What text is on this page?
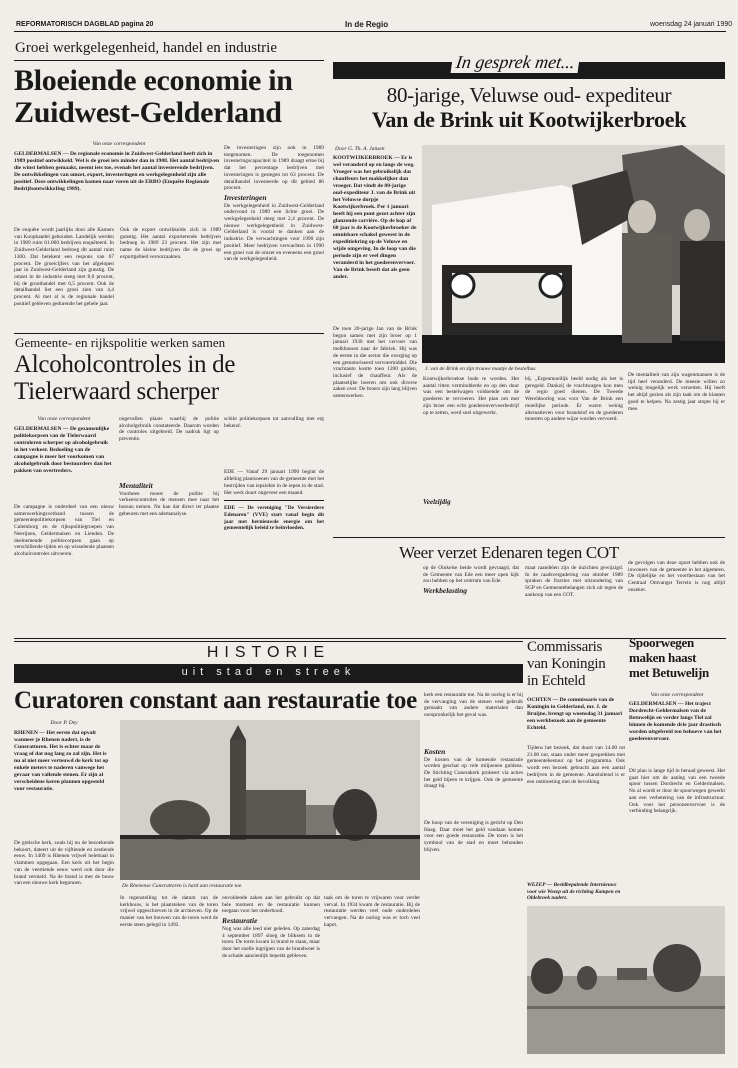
REFORMATORISCH DAGBLAD pagina 20	In de Regio	woensdag 24 januari 1990
Groei werkgelegenheid, handel en industrie
Bloeiende economie in
Zuidwest-Gelderland
Van onze correspondent
GELDERMALSEN — De regionale economie in Zuidwest-Gelderland heeft zich in 1989 positief ontwikkeld. Wel is de groei iets minder dan in 1988. Het aantal bedrijven die winst hebben gemaakt, neemt iets toe, evenals het aantal investerende bedrijven. De ontwikkelingen van omzet, export, investeringen en werkgelegenheid zijn alle positief. Deze ontwikkelingen komen naar voren uit de ERBO (Enquête Regionale BedrijfsontwikkeIing 1989).
De enquête wordt jaarlijks door alle Kamers van Koophandel gehouden. Landelijk werden in 1989 ruim 61.000 bedrijven enquêteerd. In Zuidwest-Gelderland bedroeg dit aantal ruim 1300. Dat betekent een respons van 67 procent. De groeicijfers van het afgelopen jaar in Zuidwest-Gelderland zijn gunstig. De omzet in de industrie steeg met 8,0 procent, bij de groothandel met 6,5 procent. Ook de detailhandel liet een groei zien van 4,4 procent. Al met al is de regionale handel positief gebleven gedurende het gehele jaar.
Ook de export ontwikkelde zich in 1989 gunstig. Het aantal exporterende bedrijven bedroeg in 1989 23 procent. Het zijn met name de kleine bedrijven die de groei op exportgebied veroorzaakten.
De investeringen zijn ook in 1989 toegenomen. De toegenomen investeringscapaciteit in 1989 draagt ertoe bij dat het percentage bedrijven met investeringen is gestegen tot 63 procent. De detailhandel investeerde op dit gebied 86 procent.
Investeringen
De werkgelegenheid in Zuidwest-Gelderland ondervond in 1989 een lichte groei. De werkgelegenheid steeg met 2,4 procent. De nieuwe werkgelegenheid in Zuidwest-Gelderland is vooral te danken aan de industrie. De verwachtingen voor 1990 zijn positief. Meer bedrijven verwachten in 1990 een groei van de omzet en eveneens een groei van de werkgelegenheid.
In gesprek met...
80-jarige, Veluwse oud- expediteur
Van de Brink uit Kootwijkerbroek
Door G. Th. A. Jansen
KOOTWIJKERBROEK — Er is wel veranderd op en langs de weg. Vroeger was het gebruikelijk dat chauffeurs het makkelijker dan vroeger. Dat vindt de 80-jarige oud-expediteur J. van de Brink uit het Veluwse dorpje Kootwijkerbroek. Per 1 januari heeft hij een punt gezet achter zijn glanzende carrière. Op de kop af 60 jaar is de Kootwijkerbroeker de omnisbare schakel geweest in de expeditiekring op de Veluwe en wijde omgeving. In de loop van die periode zijn er veel dingen veranderd in het goederenvervoer. Van de Brink beseft dat als geen ander.
De toen 20-jarige Jan van de Brink begon samen met zijn broer op 1 januari 1930 met het vervoer van melkbussen naar de fabriek. Hij was de eerste in die sector die overging op een gemotoriseerd vervoermiddel. Die vrachtauto kostte toen 1200 gulden, inclusief de chauffeur. Als de plaatselijke boeren om ook diverse zaken over. De broers zijn lang blijven samenwerken.
J. van de Brink en zijn trouwe maatje de bestelbus.
Kootwijkerbroekse bode te worden. Het aantal ritten vermindderde en op den duur was een bestelwagen voldoende om de goederen te vervoeren. Het plan om met zijn broer een echt goederenvervoerbedrijf op te zetten, werd snel uitgewerkt.
bij. „Ergenmoeilijk beeld nodig als het is geregeld. Dankzij de vrachtwagen kon men de regio goed dienen. De Tweede Wereldoorlog was voor Van de Brink een moeilijke periode. Er waren weinig alternatieven voor brandstof en de goederen moesten op andere wijze worden vervoerd.
De mentaliteit van zijn wagenmannen is de tijd heel veranderd. De meeste willen zo weinig mogelijk werk verzetten. Hij heeft het altijd gezien als zijn taak om de klanten goed te helpen. Na zestig jaar stopte hij er mee.
Veelzijdig
Gemeente- en rijkspolitie werken samen
Alcoholcontroles in de
Tielerwaard scherper
Van onze correspondent
GELDERMALSEN — De gezamenlijke politiekorpsen van de Tielerwaard controleren scherper op alcoholgebruik in het verkeer. Bedoeling van de campagne is meer het voorkomen van alcoholgebruik door bestuurders dan het pakken van overtreders.
De campagne is onderdeel van een nieuw samenwerkingsverband tussen de gemeentepolitiekorpsen van Tiel en Culemborg en de rijkspolitiegroepen van Neerijnen, Geldermalsen en Lienden. De deelnemende politiecorpsen gaan op verschillende tijden en op wisselende plaatsen alcoholcontroles uitvoeren.
ongevallen plaats waarbij de politie alcoholgebruik constateerde. Daarom worden de controles uitgebreid. De nadruk ligt op preventie.
Mentaliteit
Voorheen moest de politie bij verkeerscontroles de mensen mee naar het bureau nemen. Nu kan dat direct ter plaatse gebeuren met een ademanalyse.
schikt politiekorpsen tot aanvulling met erg bekend.
EDE — Vanaf 29 januari 1990 begint de afdeling plantsoenen van de gemeente met het bestrijden van iepziekte in de iepen in de stad. Het werk duurt ongeveer een maand.
EDE — De vereniging "De Versierdere Edenaren" (VVE) start vanaf begin dit jaar met hernieuwde energie om het gemeentelijk beleid te beïnvloeden.
Weer verzet Edenaren tegen COT
op de Oinkelse beide wordt gevraagd, dat de Gemeente van Ede een meer open kijk zou hebben op het centrum van Ede.
Werkbelasting
maar raandelen zijn de inzichten gewijzigd. In de raadsvergadering van oktober 1989 spraken de fracties met uitzondering van SGP en Gemeentebelangen zich uit tegen de aankoop van een COT.
de gevolgen van deze opzet hebben ook de inwoners van de gemeente in het algemeen. De tijdelijke en het voortbestaan van het Centraal Ontvangst Terrein is nog altijd onzeker.
HISTORIE
uit stad en streek
Curatoren constant aan restauratie toe
Door P. Dey
RHENEN — Het eerste dat opvalt wanneer je Rhenen nadert, is de Cunerattoren. Het is echter maar de vraag of dat nog lang zo zal zijn. Het is nu al niet meer verteuwd de kerk tot op enkele meters te naderen vanwege het gevaar van vallende stenen. Er zijn al verscheidene keren plannen opgesteld voor restauratie.
De gotische kerk, zoals hij nu de bezoekende bekoort, dateert uit de vijftiende en zestiende eeuw. In 1409 is Rhenen vrijwel helemaal in vlammen opgegaan. Een kerk uit het begin van de veertiende eeuw werd ook door die brand vernield. Na de brand is met de bouw van een nieuwe kerk begonnen.	De Rhenense Cunerattoren is hard aan restauratie toe.
In tegenstelling tot de datum van de kerkbouw, is het plaatsteken van de toren vrijwel opgeschreven in de archieven. Op de manier van het bouwen van de toren werd de eerste steen gelegd in 1492.
onvoldende zaken aan het gebruikt op dat hele moment en de restauratie kunnen toegaan voor het onderhoud.
Restauratie
Nog was alle leed niet geleden. Op zaterdag 4 september 1897 sloeg de bliksem in de toren. De toren kwam in brand te staan, maar door het snelle ingrijpen van de brandweer is de schade aanzienlijk beperkt gebleven.
taak om de toren te vrijwaren voor verder verval. In 1934 kwam de restauratie. Bij de restauratie werden veel oude onderdelen vervangen. Na de oorlog was er toch veel kapot.
kerk een restauratie toe. Na de oorlog is er bij de vervanging van de stenen veel gebruik gemaakt van andere materialen dan oorspronkelijk het geval was.
Kosten
De kosten van de komende restauratie worden geschat op vele miljoenen guldens. De Stichting Cunerakerk probeert via acties het geld bijeen te krijgen. Ook de gemeente draagt bij.
De hoop van de vereniging is gericht op Den Haag. Daar moet het geld vandaan komen voor een goede restauratie. De toren is het symbool van de stad en moet behouden blijven.
Commissaris
van Koningin
in Echteld
OCHTEN — De commissaris van de Koningin in Gelderland, mr. J. de Bruijne, brengt op woensdag 31 januari een werkbezoek aan de gemeente Echteld.
Tijdens het bezoek, dat duurt van 14.00 tot 21.00 uur, staan onder meer gesprekken met gemeentebestuur op het programma. Ook wordt een bezoek gebracht aan een aantal bedrijven in de gemeente. Aansluitend is er een ontmoeting met de bevolking.
WEZEP — Beeldbepalende Internieuws voor wie Wezep uit de richting Kampen en Oldebroek nadert.
Spoorwegen
maken haast
met Betuwelijn
Van onze correspondent
GELDERMALSEN — Het traject Dordrecht-Geldermalsen van de Betuwelijn en verder langs Tiel zal binnen de komende drie jaar drastisch worden uitgebreid ten behoeve van het goederenvervoer.
Dit plan is lange tijd in beraad geweest. Het gaat hier om de aanleg van een tweede spoor tussen Dordrecht en Geldermalsen. Nu al wordt er door de spoorwegen gewerkt aan een verbetering van de infrastructuur. Ook voor het personenvervoer is de verbinding belangrijk.
